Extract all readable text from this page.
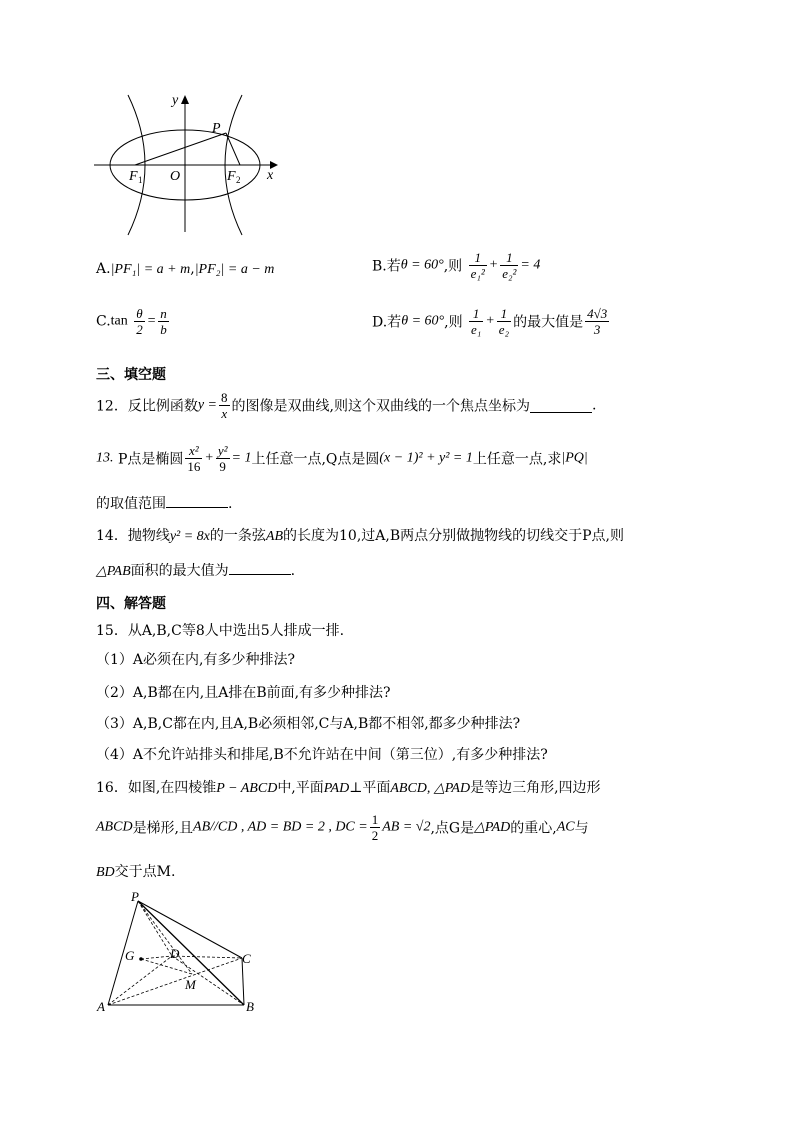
y
x
P
F 1 O	F 2
A.|PF₁| = a + m,|PF₂| = a − m	B.若θ = 60°,则 $\frac{1}{\text{e₁²}} + \frac{1}{\text{e₂²}} = 4$
$C.\tan \frac{\theta}{2} = \frac{n}{b}$	D.若θ = 60°,则 $\frac{1}{\text{e₁}} + \frac{1}{\text{e₂}}$ 的最大值是 $\frac{4√3}{3}$
三、填空题
12．反比例函数$y = \frac{8}{x}$ 的图像是双曲线,则这个双曲线的一个焦点坐标为	.
13. P点是椭圆 $\frac{\text{x²}}{16} + \frac{\text{y²}}{9} = 1$上任意一点,Q点是圆(x − 1)² + y² = 1上任意一点,求|PQ|
的取值范围	.
14．抛物线y² = 8x的一条弦AB的长度为10,过A,B两点分别做抛物线的切线交于P点,则
△PAB面积的最大值为	.
四、解答题
15．从A,B,C等8人中选出5人排成一排.
（1）A必须在内,有多少种排法?
（2）A,B都在内,且A排在B前面,有多少种排法?
（3）A,B,C都在内,且A,B必须相邻,C与A,B都不相邻,都多少种排法?
（4）A不允许站排头和排尾,B不允许站在中间（第三位）,有多少种排法?
16．如图,在四棱锥P − ABCD中,平面PAD⊥平面ABCD, △PAD是等边三角形,四边形
ABCD是梯形,且AB//CD , AD = BD = 2 , DC = $\frac{1}{2}$ AB = √2,点G是△PAD的重心,AC与
BD交于点M.
P
G	D	C
M
A	B
